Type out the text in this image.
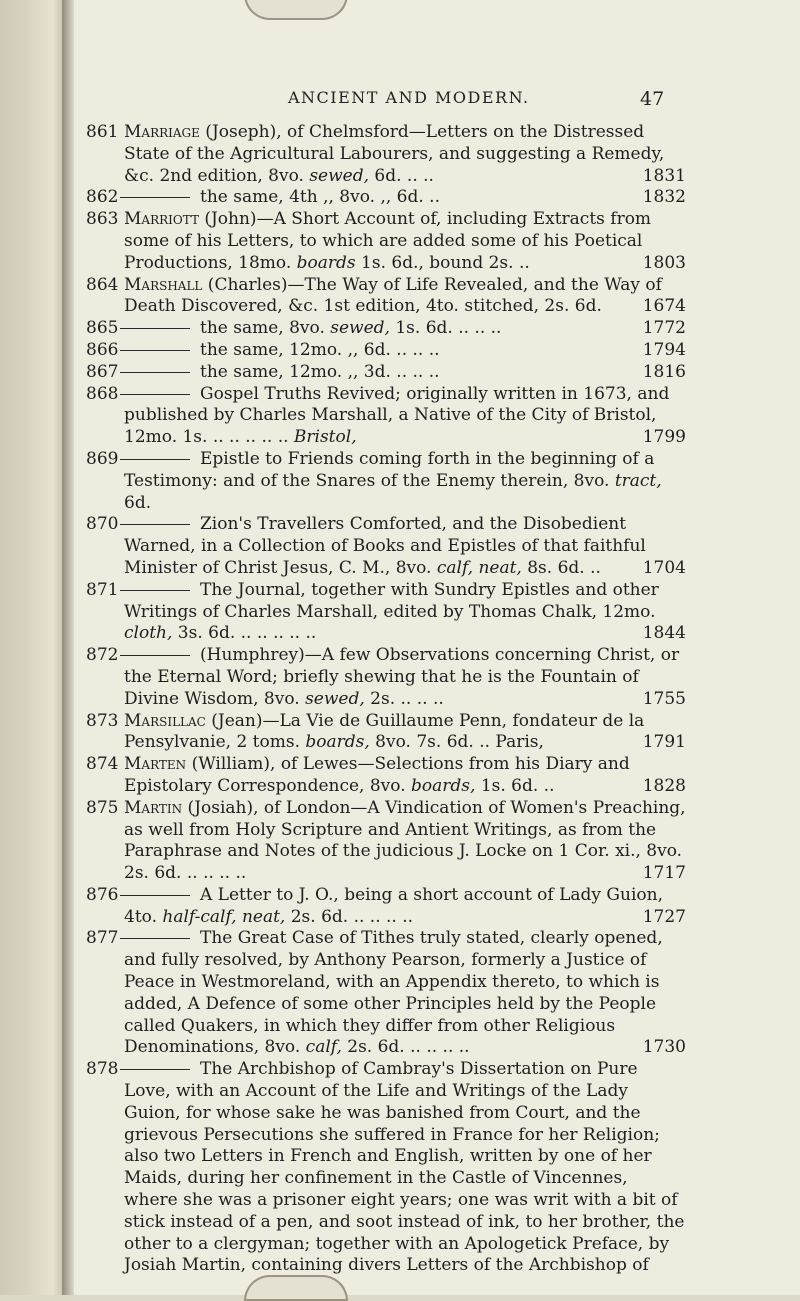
ANCIENT AND MODERN.	47

861 Marriage (Joseph), of Chelmsford—Letters on the Distressed State of the Agricultural Labourers, and suggesting a Remedy, &c. 2nd edition, 8vo. sewed, 6d. .. ..	1831

862	the same, 4th ,, 8vo. ,, 6d. ..	1832

863 Marriott (John)—A Short Account of, including Extracts from some of his Letters, to which are added some of his Poetical Productions, 18mo. boards 1s. 6d., bound 2s. ..	1803

864 Marshall (Charles)—The Way of Life Revealed, and the Way of Death Discovered, &c. 1st edition, 4to. stitched, 2s. 6d. 1674

865	the same, 8vo. sewed, 1s. 6d. .. .. ..	1772

866	the same, 12mo. ,, 6d. .. .. ..	1794

867	the same, 12mo. ,, 3d. .. .. ..	1816

868	Gospel Truths Revived; originally written in 1673, and published by Charles Marshall, a Native of the City of Bristol, 12mo. 1s. .. .. .. .. .. Bristol,	1799

869	Epistle to Friends coming forth in the beginning of a Testimony: and of the Snares of the Enemy therein, 8vo. tract, 6d.

870	Zion's Travellers Comforted, and the Disobedient Warned, in a Collection of Books and Epistles of that faithful Minister of Christ Jesus, C. M., 8vo. calf, neat, 8s. 6d. .. 1704

871	The Journal, together with Sundry Epistles and other Writings of Charles Marshall, edited by Thomas Chalk, 12mo. cloth, 3s. 6d. .. .. .. .. ..	1844

872	(Humphrey)—A few Observations concerning Christ, or the Eternal Word; briefly shewing that he is the Fountain of Divine Wisdom, 8vo. sewed, 2s. .. .. ..	1755

873 Marsillac (Jean)—La Vie de Guillaume Penn, fondateur de la Pensylvanie, 2 toms. boards, 8vo. 7s. 6d. .. Paris,	1791

874 Marten (William), of Lewes—Selections from his Diary and Epistolary Correspondence, 8vo. boards, 1s. 6d. ..	1828

875 Martin (Josiah), of London—A Vindication of Women's Preaching, as well from Holy Scripture and Antient Writings, as from the Paraphrase and Notes of the judicious J. Locke on 1 Cor. xi., 8vo. 2s. 6d. .. .. .. ..	1717

876	A Letter to J. O., being a short account of Lady Guion, 4to. half-calf, neat, 2s. 6d. .. .. .. ..	1727

877	The Great Case of Tithes truly stated, clearly opened, and fully resolved, by Anthony Pearson, formerly a Justice of Peace in Westmoreland, with an Appendix thereto, to which is added, A Defence of some other Principles held by the People called Quakers, in which they differ from other Religious Denominations, 8vo. calf, 2s. 6d. .. .. .. ..	1730

878	The Archbishop of Cambray's Dissertation on Pure Love, with an Account of the Life and Writings of the Lady Guion, for whose sake he was banished from Court, and the grievous Persecutions she suffered in France for her Religion; also two Letters in French and English, written by one of her Maids, during her confinement in the Castle of Vincennes, where she was a prisoner eight years; one was writ with a bit of stick instead of a pen, and soot instead of ink, to her brother, the other to a clergyman; together with an Apologetick Preface, by Josiah Martin, containing divers Letters of the Archbishop of
